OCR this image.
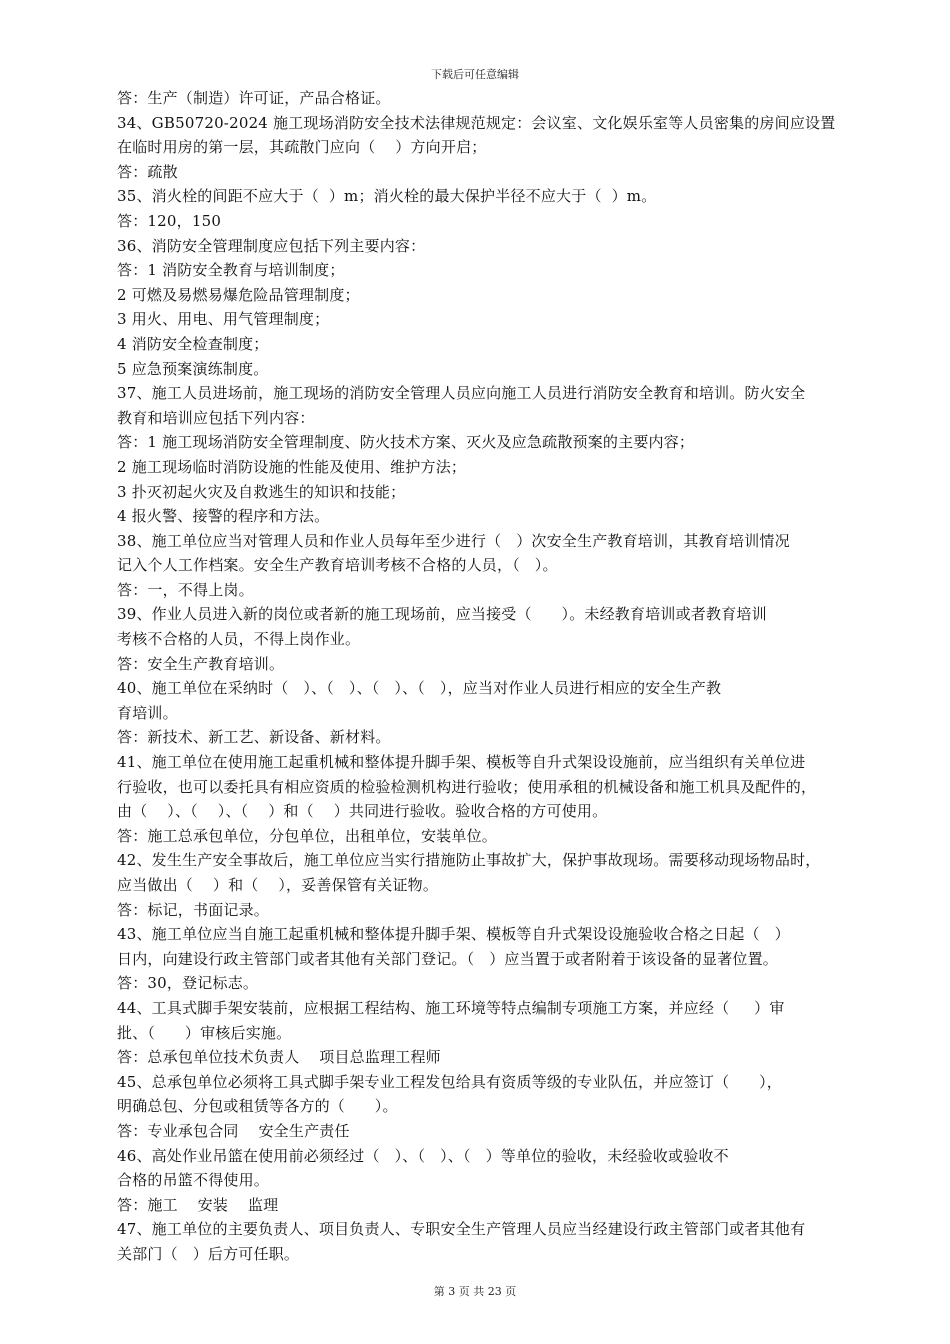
下载后可任意编辑
答：生产（制造）许可证，产品合格证。
34、GB50720-2024 施工现场消防安全技术法律规范规定：会议室、文化娱乐室等人员密集的房间应设置
在临时用房的第一层，其疏散门应向（    ）方向开启；
答：疏散
35、消火栓的间距不应大于（  ）m；消火栓的最大保护半径不应大于（  ）m。
答：120，150
36、消防安全管理制度应包括下列主要内容：
答：1 消防安全教育与培训制度；
2 可燃及易燃易爆危险品管理制度；
3 用火、用电、用气管理制度；
4 消防安全检查制度；
5 应急预案演练制度。
37、施工人员进场前，施工现场的消防安全管理人员应向施工人员进行消防安全教育和培训。防火安全
教育和培训应包括下列内容：
答：1 施工现场消防安全管理制度、防火技术方案、灭火及应急疏散预案的主要内容；
2 施工现场临时消防设施的性能及使用、维护方法；
3 扑灭初起火灾及自救逃生的知识和技能；
4 报火警、接警的程序和方法。
38、施工单位应当对管理人员和作业人员每年至少进行（   ）次安全生产教育培训，其教育培训情况
记入个人工作档案。安全生产教育培训考核不合格的人员，（   ）。
答：一，不得上岗。
39、作业人员进入新的岗位或者新的施工现场前，应当接受（      ）。未经教育培训或者教育培训
考核不合格的人员，不得上岗作业。
答：安全生产教育培训。
40、施工单位在采纳时（   ）、（   ）、（   ）、（   ），应当对作业人员进行相应的安全生产教
育培训。
答：新技术、新工艺、新设备、新材料。
41、施工单位在使用施工起重机械和整体提升脚手架、模板等自升式架设设施前，应当组织有关单位进
行验收，也可以委托具有相应资质的检验检测机构进行验收；使用承租的机械设备和施工机具及配件的，
由（    ）、（    ）、（    ）和（    ）共同进行验收。验收合格的方可使用。
答：施工总承包单位，分包单位，出租单位，安装单位。
42、发生生产安全事故后，施工单位应当实行措施防止事故扩大，保护事故现场。需要移动现场物品时，
应当做出（    ）和（    ），妥善保管有关证物。
答：标记，书面记录。
43、施工单位应当自施工起重机械和整体提升脚手架、模板等自升式架设设施验收合格之日起（   ）
日内，向建设行政主管部门或者其他有关部门登记。（   ）应当置于或者附着于该设备的显著位置。
答：30，登记标志。
44、工具式脚手架安装前，应根据工程结构、施工环境等特点编制专项施工方案，并应经（     ）审
批、（      ）审核后实施。
答：总承包单位技术负责人    项目总监理工程师
45、总承包单位必须将工具式脚手架专业工程发包给具有资质等级的专业队伍，并应签订（      ），
明确总包、分包或租赁等各方的（      ）。
答：专业承包合同    安全生产责任
46、高处作业吊篮在使用前必须经过（   ）、（   ）、（   ）等单位的验收，未经验收或验收不
合格的吊篮不得使用。
答：施工    安装    监理
47、施工单位的主要负责人、项目负责人、专职安全生产管理人员应当经建设行政主管部门或者其他有
关部门（   ）后方可任职。
第 3 页 共 23 页
